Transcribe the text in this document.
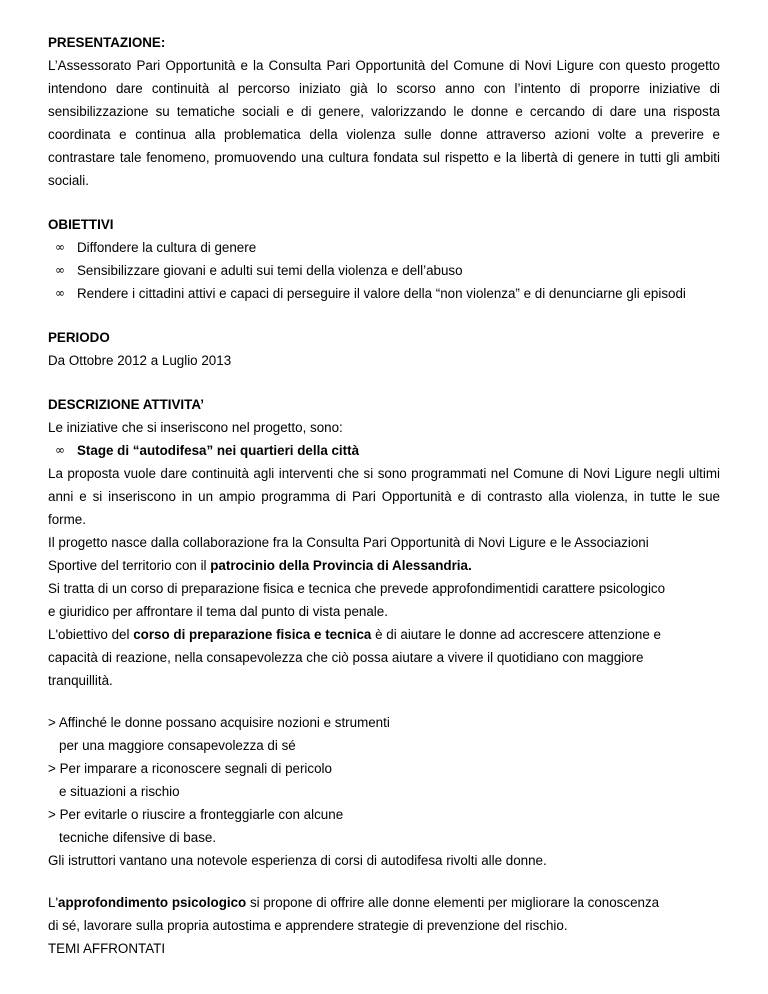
PRESENTAZIONE:

L’Assessorato Pari Opportunità e la Consulta Pari Opportunità del Comune di Novi Ligure con questo progetto intendono dare continuità al percorso iniziato già lo scorso anno con l’intento di proporre iniziative di sensibilizzazione su tematiche sociali e di genere, valorizzando le donne e cercando di dare una risposta coordinata e continua alla problematica della violenza sulle donne attraverso azioni volte a preverire e contrastare tale fenomeno, promuovendo una cultura fondata sul rispetto e la libertà di genere in tutti gli ambiti sociali.

OBIETTIVI

∞ Diffondere la cultura di genere
∞ Sensibilizzare giovani e adulti sui temi della violenza e dell’abuso
∞ Rendere i cittadini attivi e capaci di perseguire il valore della “non violenza” e di denunciarne gli episodi

PERIODO

Da Ottobre 2012 a Luglio 2013

DESCRIZIONE ATTIVITA’

Le iniziative che si inseriscono nel progetto, sono:

∞ Stage di “autodifesa” nei quartieri della città

La proposta vuole dare continuità agli interventi che si sono programmati nel Comune di Novi Ligure negli ultimi anni e si inseriscono in un ampio programma di Pari Opportunità e di contrasto alla violenza, in tutte le sue forme.

Il progetto nasce dalla collaborazione fra la Consulta Pari Opportunità di Novi Ligure e le Associazioni

Sportive del territorio con il patrocinio della Provincia di Alessandria.

Si tratta di un corso di preparazione fisica e tecnica che prevede approfondimentidi carattere psicologico

e giuridico per affrontare il tema dal punto di vista penale.

L'obiettivo del corso di preparazione fisica e tecnica è di aiutare le donne ad accrescere attenzione e

capacità di reazione, nella consapevolezza che ciò possa aiutare a vivere il quotidiano con maggiore

tranquillità.

> Affinché le donne possano acquisire nozioni e strumenti

per una maggiore consapevolezza di sé

> Per imparare a riconoscere segnali di pericolo

e situazioni a rischio

> Per evitarle o riuscire a fronteggiarle con alcune

tecniche difensive di base.

Gli istruttori vantano una notevole esperienza di corsi di autodifesa rivolti alle donne.

L'approfondimento psicologico si propone di offrire alle donne elementi per migliorare la conoscenza

di sé, lavorare sulla propria autostima e apprendere strategie di prevenzione del rischio.

TEMI AFFRONTATI
